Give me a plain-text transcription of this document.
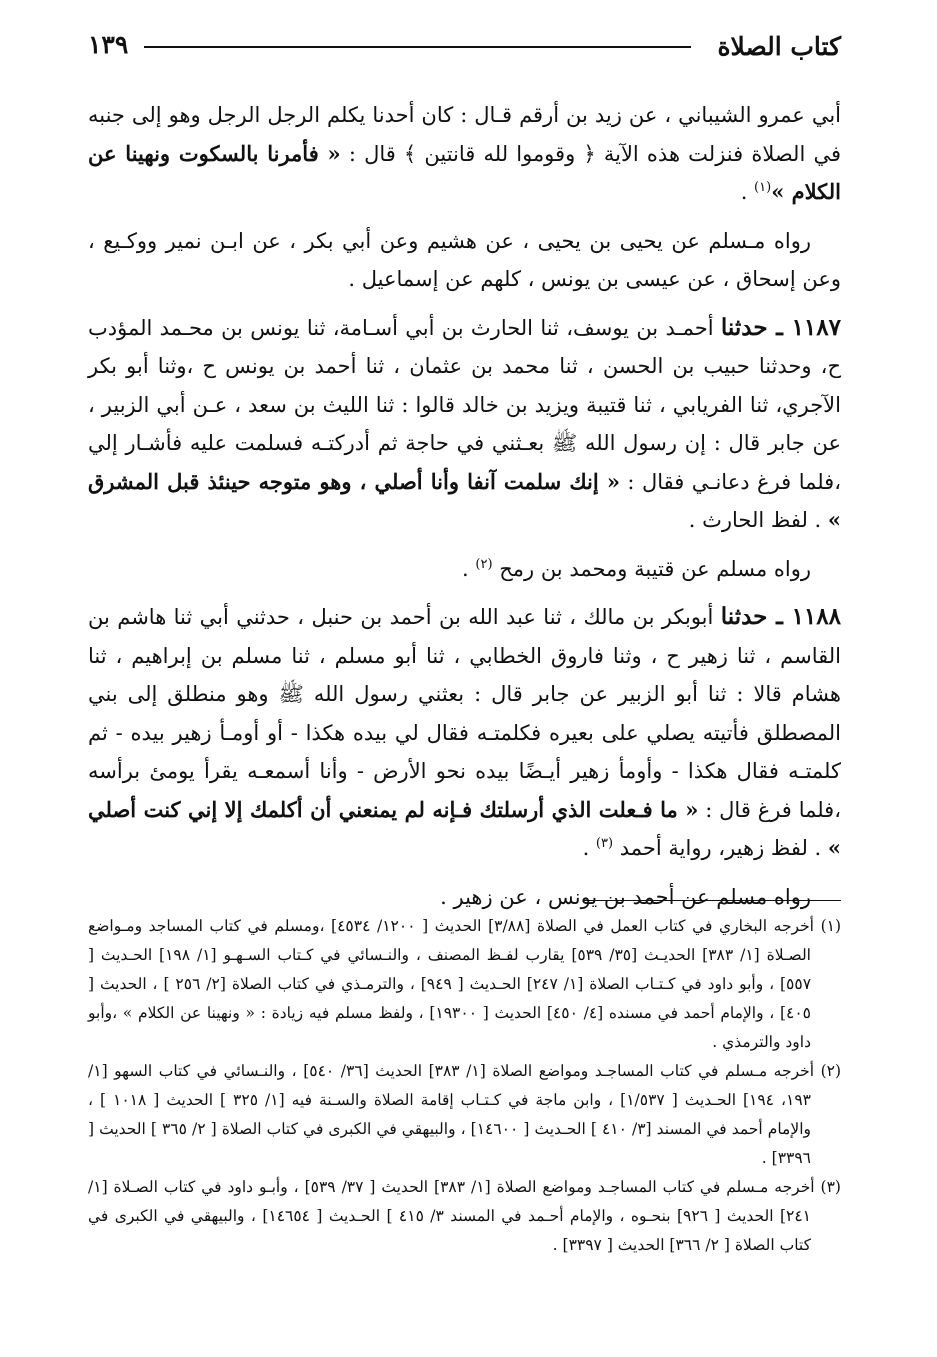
كتاب الصلاة
١٣٩

أبي عمرو الشيباني ، عن زيد بن أرقم قـال : كان أحدنا يكلم الرجل الرجل وهو إلى جنبه في الصلاة فنزلت هذه الآية ﴿ وقوموا لله قانتين ﴾ قال : « فأمرنا بالسكوت ونهينا عن الكلام »$^{(١)}$ .

رواه مـسلم عن يحيى بن يحيى ، عن هشيم وعن أبي بكر ، عن ابـن نمير ووكـيع ، وعن إسحاق ، عن عيسى بن يونس ، كلهم عن إسماعيل .

١١٨٧ ـ حدثنا أحمـد بن يوسف، ثنا الحارث بن أبي أسـامة، ثنا يونس بن محـمد المؤدب ح، وحدثنا حبيب بن الحسن ، ثنا محمد بن عثمان ، ثنا أحمد بن يونس ح ،وثنا أبو بكر الآجري، ثنا الفريابي ، ثنا قتيبة ويزيد بن خالد قالوا : ثنا الليث بن سعد ، عـن أبي الزبير ، عن جابر قال : إن رسول الله ﷺ بعـثني في حاجة ثم أدركتـه فسلمت عليه فأشـار إلي ،فلما فرغ دعانـي فقال : « إنك سلمت آنفا وأنا أصلي ، وهو متوجه حينئذ قبل المشرق » . لفظ الحارث .

رواه مسلم عن قتيبة ومحمد بن رمح $^{(٢)}$ .

١١٨٨ ـ حدثنا أبوبكر بن مالك ، ثنا عبد الله بن أحمد بن حنبل ، حدثني أبي ثنا هاشم بن القاسم ، ثنا زهير ح ، وثنا فاروق الخطابي ، ثنا أبو مسلم ، ثنا مسلم بن إبراهيم ، ثنا هشام قالا : ثنا أبو الزبير عن جابر قال : بعثني رسول الله ﷺ وهو منطلق إلى بني المصطلق فأتيته يصلي على بعيره فكلمتـه فقال لي بيده هكذا - أو أومـأ زهير بيده - ثم كلمتـه فقال هكذا - وأومأ زهير أيـضًا بيده نحو الأرض - وأنا أسمعـه يقرأ يومئ برأسه ،فلما فرغ قال : « ما فـعلت الذي أرسلتك فـإنه لم يمنعني أن أكلمك إلا إني كنت أصلي » . لفظ زهير، رواية أحمد $^{(٣)}$ .

رواه مسلم عن أحمد بن يونس ، عن زهير .

(١) أخرجه البخاري في كتاب العمل في الصلاة [٣/٨٨] الحديث [ ١٢٠٠/ ٤٥٣٤] ،ومسلم في كتاب المساجد ومـواضع الصـلاة [١/ ٣٨٣] الحديـث [٣٥/ ٥٣٩] يقارب لفـظ المصنف ، والنـسائي في كـتاب السـهـو [١/ ١٩٨] الحـديث [ ٥٥٧] ، وأبو داود في كـتـاب الصلاة [١/ ٢٤٧] الحـديث [ ٩٤٩] ، والترمـذي في كتاب الصلاة [٢/ ٢٥٦ ] ، الحديث [ ٤٠٥] ، والإمام أحمد في مسنده [٤/ ٤٥٠] الحديث [ ١٩٣٠٠] ، ولفظ مسلم فيه زيادة : « ونهينا عن الكلام » ،وأبو داود والترمذي .

(٢) أخرجه مـسلم في كتاب المساجـد ومواضع الصلاة [١/ ٣٨٣] الحديث [٣٦/ ٥٤٠] ، والنـسائي في كتاب السهو [١/ ١٩٣، ١٩٤] الحـديث [ ١/٥٣٧] ، وابن ماجة في كـتـاب إقامة الصلاة والسـنة فيه [١/ ٣٢٥ ] الحديث [ ١٠١٨ ] ، والإمام أحمد في المسند [٣/ ٤١٠ ] الحـديث [ ١٤٦٠٠] ، والبيهقي في الكبرى في كتاب الصلاة [ ٢/ ٣٦٥ ] الحديث [ ٣٣٩٦] .

(٣) أخرجه مـسلم في كتاب المساجـد ومواضع الصلاة [١/ ٣٨٣] الحديث [ ٣٧/ ٥٣٩] ، وأبـو داود في كتاب الصـلاة [١/ ٢٤١] الحديث [ ٩٢٦] بنحـوه ، والإمام أحـمد في المسند ٣/ ٤١٥ ] الحـديث [ ١٤٦٥٤] ، والبيهقي في الكبرى في كتاب الصلاة [ ٢/ ٣٦٦] الحديث [ ٣٣٩٧] .
